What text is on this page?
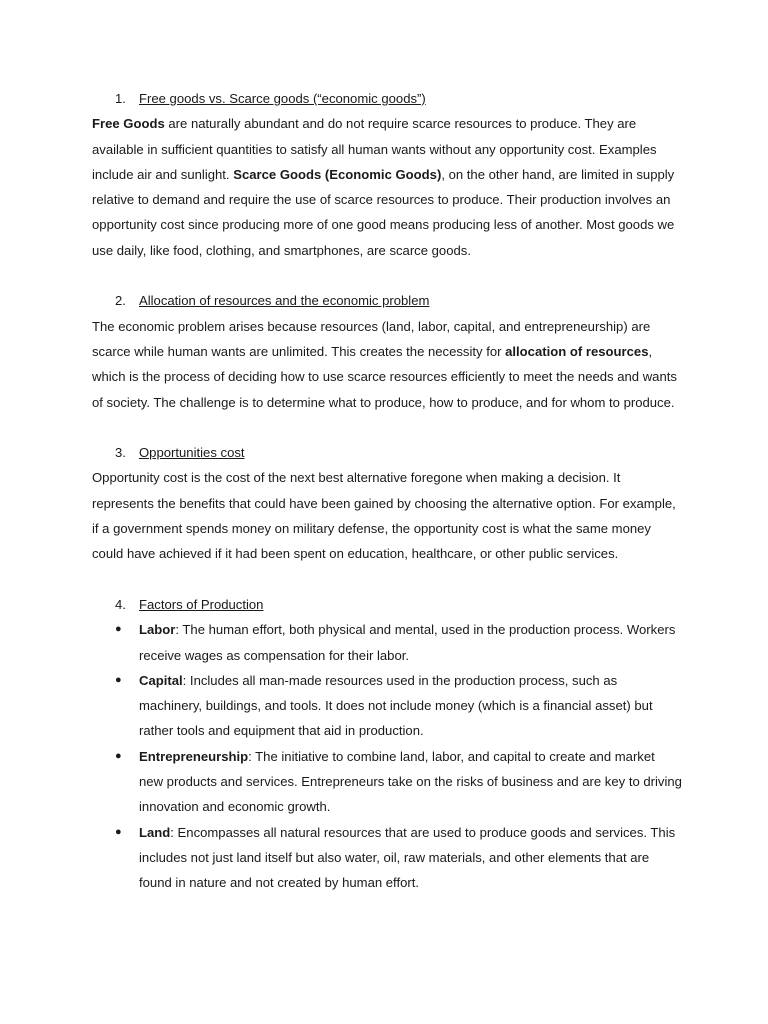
1. Free goods vs. Scarce goods (“economic goods”)

Free Goods are naturally abundant and do not require scarce resources to produce. They are available in sufficient quantities to satisfy all human wants without any opportunity cost. Examples include air and sunlight. Scarce Goods (Economic Goods), on the other hand, are limited in supply relative to demand and require the use of scarce resources to produce. Their production involves an opportunity cost since producing more of one good means producing less of another. Most goods we use daily, like food, clothing, and smartphones, are scarce goods.

2. Allocation of resources and the economic problem

The economic problem arises because resources (land, labor, capital, and entrepreneurship) are scarce while human wants are unlimited. This creates the necessity for allocation of resources, which is the process of deciding how to use scarce resources efficiently to meet the needs and wants of society. The challenge is to determine what to produce, how to produce, and for whom to produce.

3. Opportunities cost

Opportunity cost is the cost of the next best alternative foregone when making a decision. It represents the benefits that could have been gained by choosing the alternative option. For example, if a government spends money on military defense, the opportunity cost is what the same money could have achieved if it had been spent on education, healthcare, or other public services.

4. Factors of Production
● Labor: The human effort, both physical and mental, used in the production process. Workers receive wages as compensation for their labor.
● Capital: Includes all man-made resources used in the production process, such as machinery, buildings, and tools. It does not include money (which is a financial asset) but rather tools and equipment that aid in production.
● Entrepreneurship: The initiative to combine land, labor, and capital to create and market new products and services. Entrepreneurs take on the risks of business and are key to driving innovation and economic growth.
● Land: Encompasses all natural resources that are used to produce goods and services. This includes not just land itself but also water, oil, raw materials, and other elements that are found in nature and not created by human effort.
